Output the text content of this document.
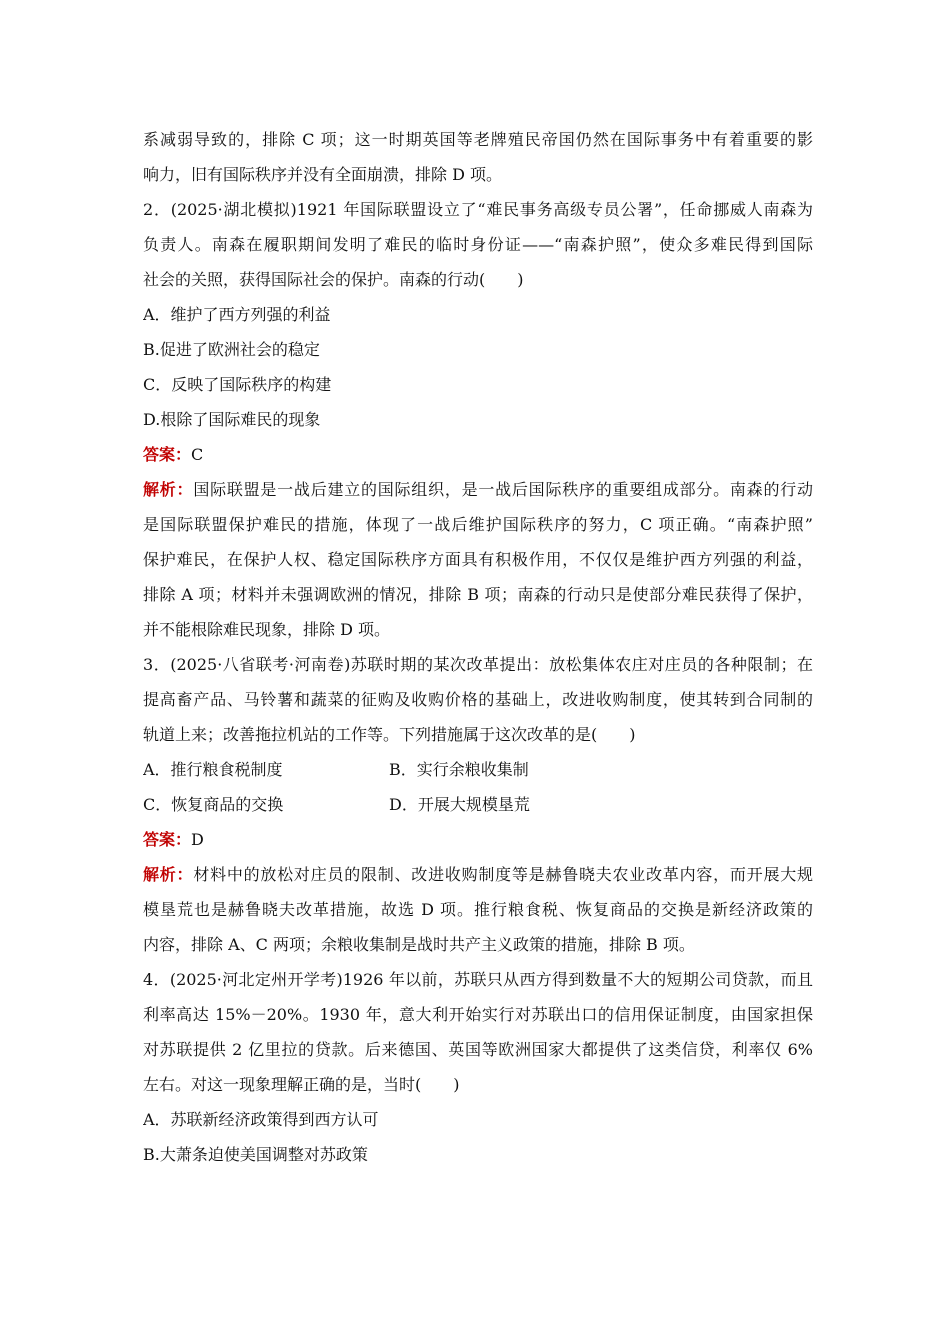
系减弱导致的，排除 C 项；这一时期英国等老牌殖民帝国仍然在国际事务中有着重要的影
响力，旧有国际秩序并没有全面崩溃，排除 D 项。
2．(2025·湖北模拟)1921 年国际联盟设立了“难民事务高级专员公署”，任命挪威人南森为
负责人。南森在履职期间发明了难民的临时身份证——“南森护照”，使众多难民得到国际
社会的关照，获得国际社会的保护。南森的行动(　　)
A．维护了西方列强的利益
B.促进了欧洲社会的稳定
C．反映了国际秩序的构建
D.根除了国际难民的现象
答案：C
解析：国际联盟是一战后建立的国际组织，是一战后国际秩序的重要组成部分。南森的行动
是国际联盟保护难民的措施，体现了一战后维护国际秩序的努力，C 项正确。“南森护照”
保护难民，在保护人权、稳定国际秩序方面具有积极作用，不仅仅是维护西方列强的利益，
排除 A 项；材料并未强调欧洲的情况，排除 B 项；南森的行动只是使部分难民获得了保护，
并不能根除难民现象，排除 D 项。
3．(2025·八省联考·河南卷)苏联时期的某次改革提出：放松集体农庄对庄员的各种限制；在
提高畜产品、马铃薯和蔬菜的征购及收购价格的基础上，改进收购制度，使其转到合同制的
轨道上来；改善拖拉机站的工作等。下列措施属于这次改革的是(　　)
A．推行粮食税制度	B．实行余粮收集制
C．恢复商品的交换	D．开展大规模垦荒
答案：D
解析：材料中的放松对庄员的限制、改进收购制度等是赫鲁晓夫农业改革内容，而开展大规
模垦荒也是赫鲁晓夫改革措施，故选 D 项。推行粮食税、恢复商品的交换是新经济政策的
内容，排除 A、C 两项；余粮收集制是战时共产主义政策的措施，排除 B 项。
4．(2025·河北定州开学考)1926 年以前，苏联只从西方得到数量不大的短期公司贷款，而且
利率高达 15%－20%。1930 年，意大利开始实行对苏联出口的信用保证制度，由国家担保
对苏联提供 2 亿里拉的贷款。后来德国、英国等欧洲国家大都提供了这类信贷，利率仅 6%
左右。对这一现象理解正确的是，当时(　　)
A．苏联新经济政策得到西方认可
B.大萧条迫使美国调整对苏政策
